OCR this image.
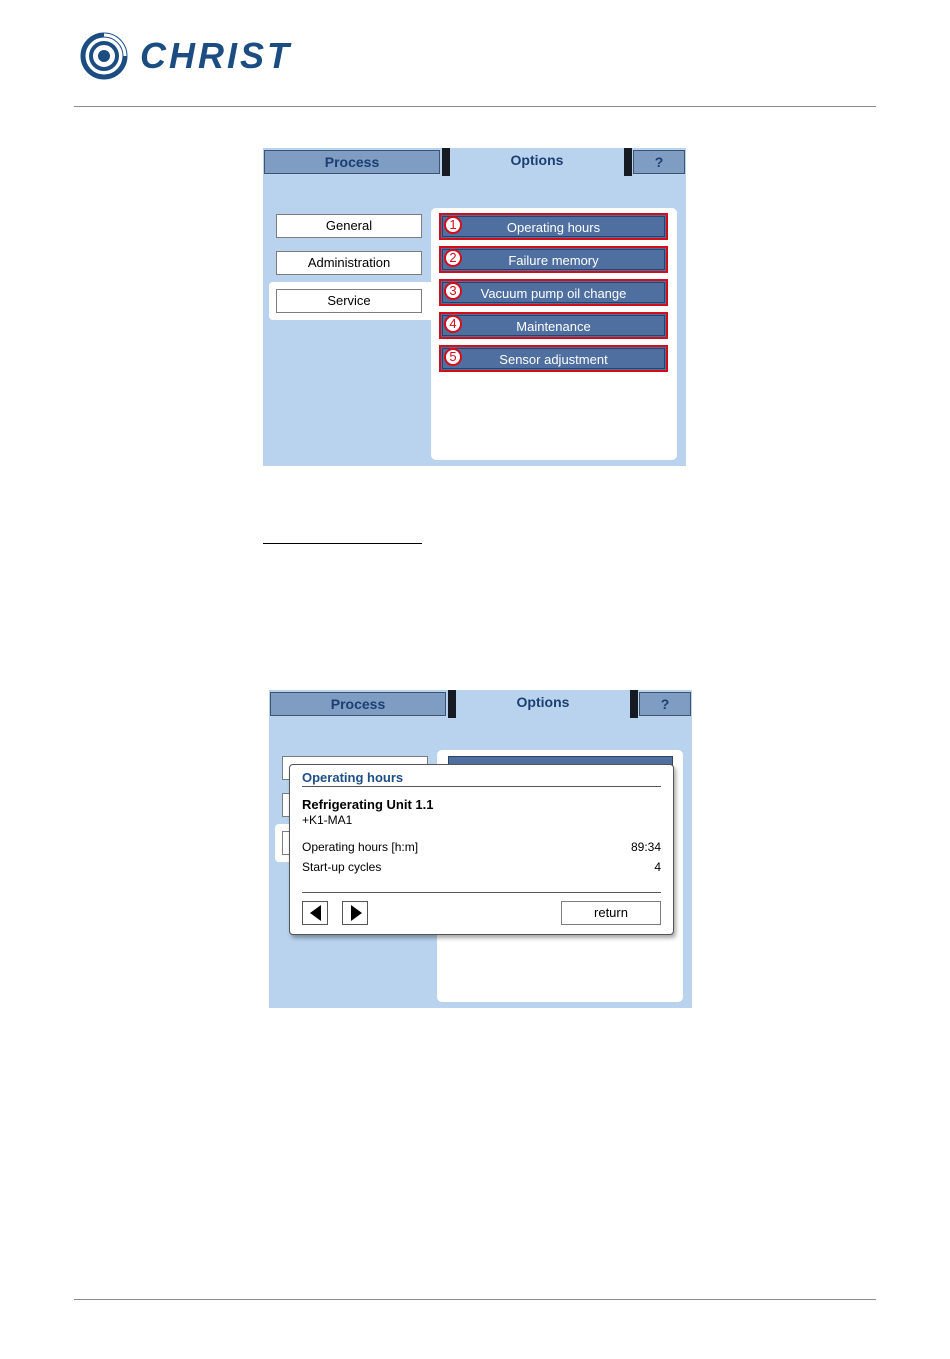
CHRIST
Process	Options	?
General
Administration
Service
Operating hours
1
Failure memory
2
Vacuum pump oil change
3
Maintenance
4
Sensor adjustment
5
Process	Options	?
Operating hours
Refrigerating Unit 1.1
+K1-MA1
Operating hours [h:m]	89:34
Start-up cycles	4
return
